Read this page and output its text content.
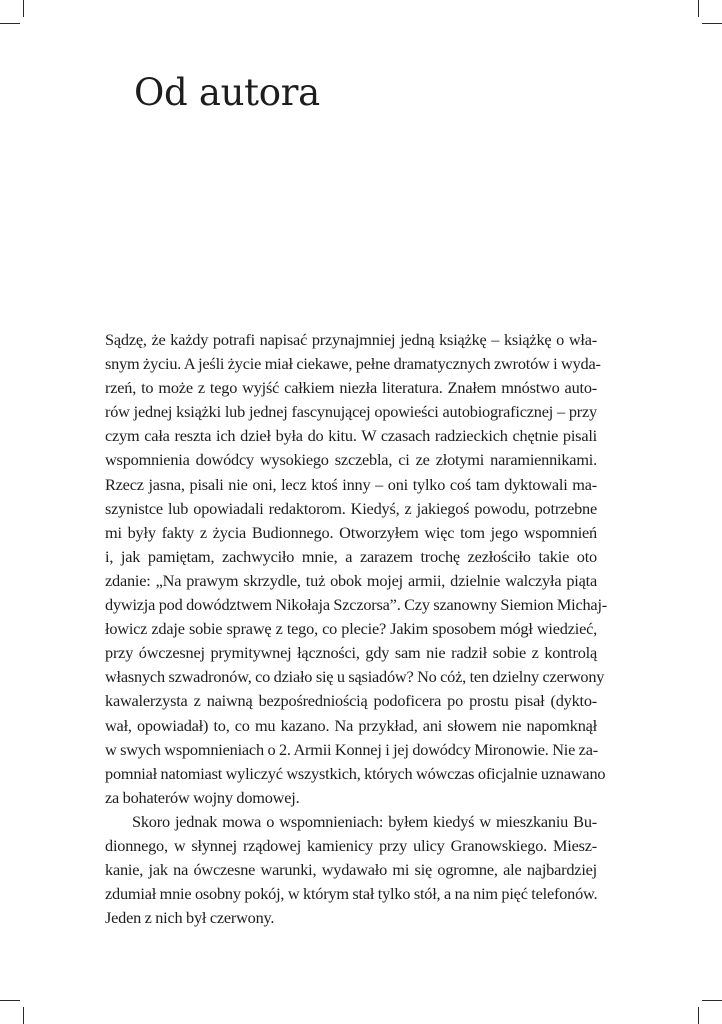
Od autora
Sądzę, że każdy potrafi napisać przynajmniej jedną książkę – książkę o wła-
snym życiu. A jeśli życie miał ciekawe, pełne dramatycznych zwrotów i wyda-
rzeń, to może z tego wyjść całkiem niezła literatura. Znałem mnóstwo auto-
rów jednej książki lub jednej fascynującej opowieści autobiograficznej – przy
czym cała reszta ich dzieł była do kitu. W czasach radzieckich chętnie pisali
wspomnienia dowódcy wysokiego szczebla, ci ze złotymi naramiennikami.
Rzecz jasna, pisali nie oni, lecz ktoś inny – oni tylko coś tam dyktowali ma-
szynistce lub opowiadali redaktorom. Kiedyś, z jakiegoś powodu, potrzebne
mi były fakty z życia Budionnego. Otworzyłem więc tom jego wspomnień
i, jak pamiętam, zachwyciło mnie, a zarazem trochę zezłościło takie oto
zdanie: „Na prawym skrzydle, tuż obok mojej armii, dzielnie walczyła piąta
dywizja pod dowództwem Nikołaja Szczorsa”. Czy szanowny Siemion Michaj-
łowicz zdaje sobie sprawę z tego, co plecie? Jakim sposobem mógł wiedzieć,
przy ówczesnej prymitywnej łączności, gdy sam nie radził sobie z kontrolą
własnych szwadronów, co działo się u sąsiadów? No cóż, ten dzielny czerwony
kawalerzysta z naiwną bezpośredniością podoficera po prostu pisał (dykto-
wał, opowiadał) to, co mu kazano. Na przykład, ani słowem nie napomknął
w swych wspomnieniach o 2. Armii Konnej i jej dowódcy Mironowie. Nie za-
pomniał natomiast wyliczyć wszystkich, których wówczas oficjalnie uznawano
za bohaterów wojny domowej.
Skoro jednak mowa o wspomnieniach: byłem kiedyś w mieszkaniu Bu-
dionnego, w słynnej rządowej kamienicy przy ulicy Granowskiego. Miesz-
kanie, jak na ówczesne warunki, wydawało mi się ogromne, ale najbardziej
zdumiał mnie osobny pokój, w którym stał tylko stół, a na nim pięć telefonów.
Jeden z nich był czerwony.
